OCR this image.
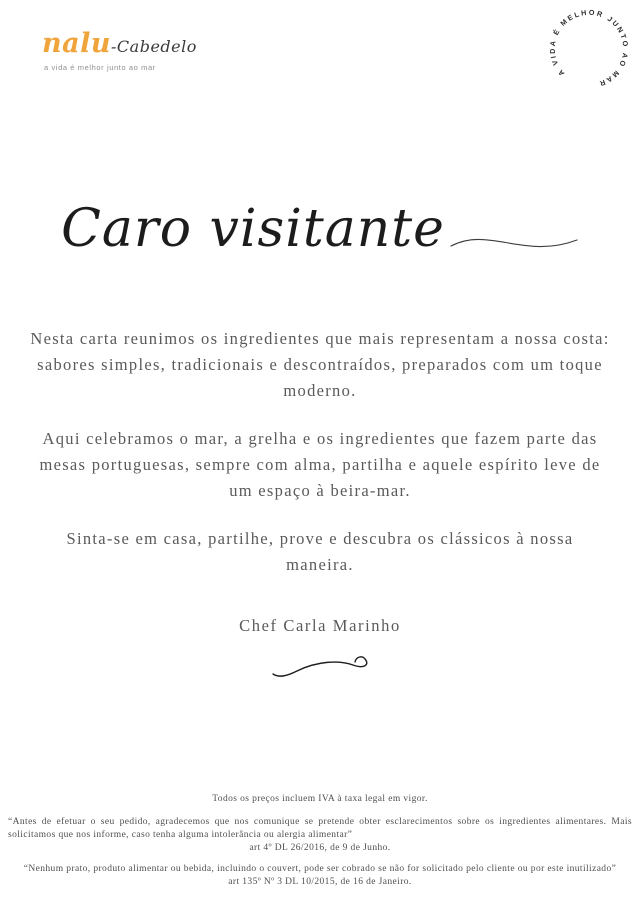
nalu-Cabedelo
a vida é melhor junto ao mar	A VIDA É MELHOR JUNTO AO MAR
Caro visitante

Nesta carta reunimos os ingredientes que mais representam a nossa costa: sabores simples, tradicionais e descontraídos, preparados com um toque moderno.

Aqui celebramos o mar, a grelha e os ingredientes que fazem parte das mesas portuguesas, sempre com alma, partilha e aquele espírito leve de um espaço à beira-mar.

Sinta-se em casa, partilhe, prove e descubra os clássicos à nossa maneira.

Chef Carla Marinho
Todos os preços incluem IVA à taxa legal em vigor.
“Antes de efetuar o seu pedido, agradecemos que nos comunique se pretende obter esclarecimentos sobre os ingredientes alimentares. Mais solicitamos que nos informe, caso tenha alguma intolerância ou alergia alimentar”
art 4º DL 26/2016, de 9 de Junho.
“Nenhum prato, produto alimentar ou bebida, incluindo o couvert, pode ser cobrado se não for solicitado pelo cliente ou por este inutilizado”
art 135º Nº 3 DL 10/2015, de 16 de Janeiro.
